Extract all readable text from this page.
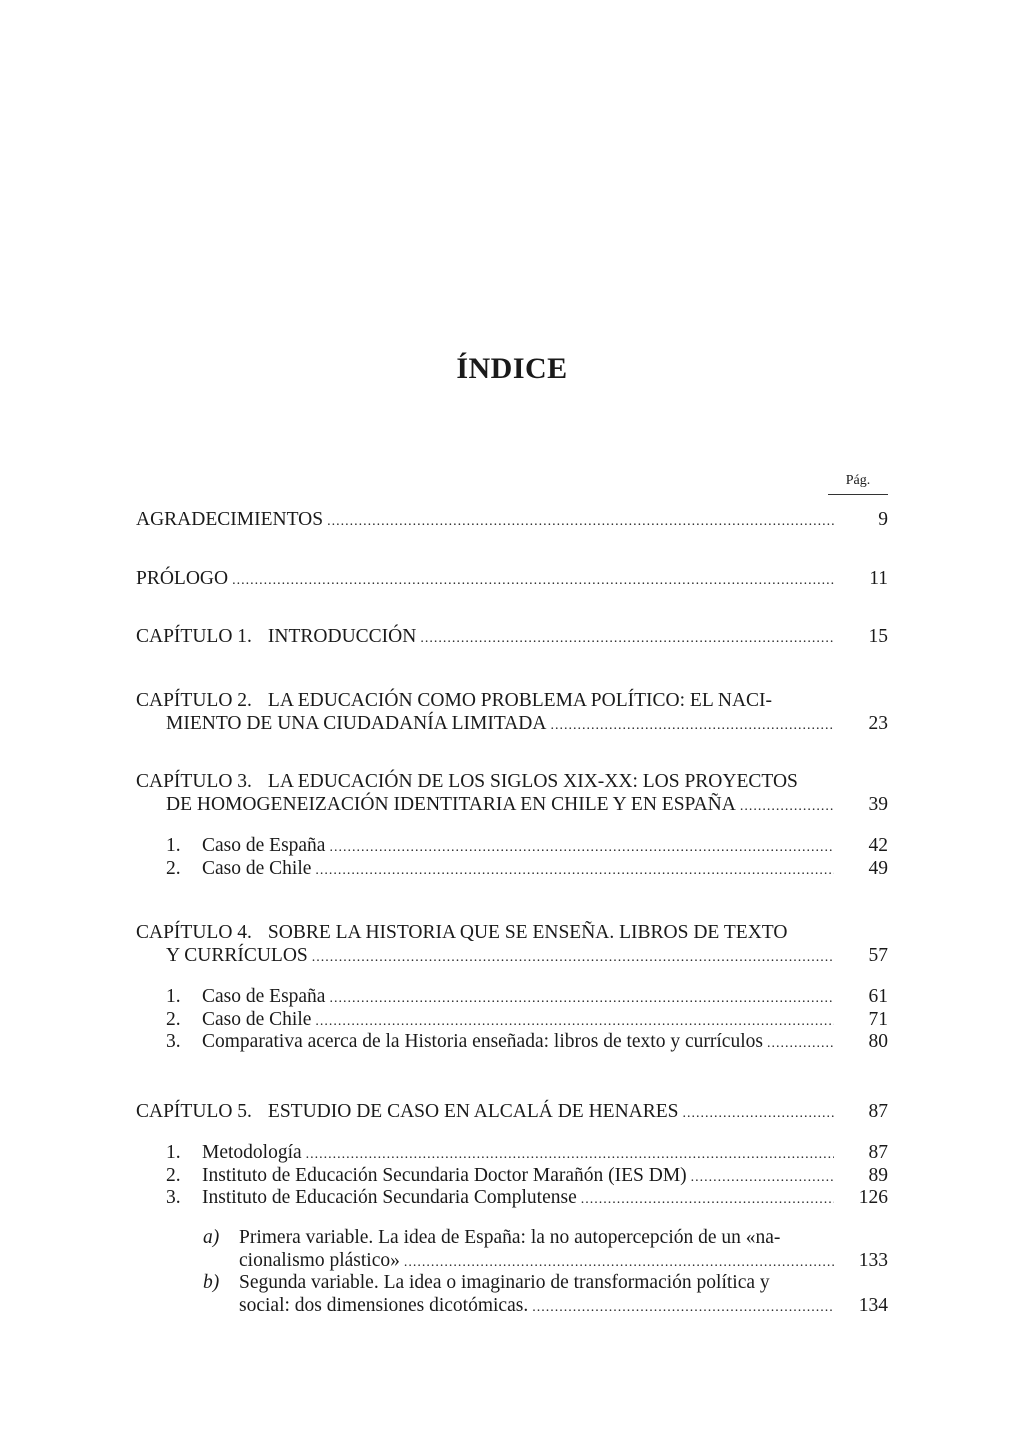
ÍNDICE
Pág.
AGRADECIMIENTOS .....	9
PRÓLOGO .....	11
CAPÍTULO 1. INTRODUCCIÓN .....	15
CAPÍTULO 2. LA EDUCACIÓN COMO PROBLEMA POLÍTICO: EL NACI-
MIENTO DE UNA CIUDADANÍA LIMITADA .....	23
CAPÍTULO 3. LA EDUCACIÓN DE LOS SIGLOS XIX-XX: LOS PROYECTOS
DE HOMOGENEIZACIÓN IDENTITARIA EN CHILE Y EN ESPAÑA .....	39
1. Caso de España .....	42
2. Caso de Chile .....	49
CAPÍTULO 4. SOBRE LA HISTORIA QUE SE ENSEÑA. LIBROS DE TEXTO
Y CURRÍCULOS .....	57
1. Caso de España .....	61
2. Caso de Chile .....	71
3. Comparativa acerca de la Historia enseñada: libros de texto y currículos .....	80
CAPÍTULO 5. ESTUDIO DE CASO EN ALCALÁ DE HENARES .....	87
1. Metodología .....	87
2. Instituto de Educación Secundaria Doctor Marañón (IES DM) .....	89
3. Instituto de Educación Secundaria Complutense .....	126
a) Primera variable. La idea de España: la no autopercepción de un «na-
cionalismo plástico» .....	133
b) Segunda variable. La idea o imaginario de transformación política y
social: dos dimensiones dicotómicas. .....	134
